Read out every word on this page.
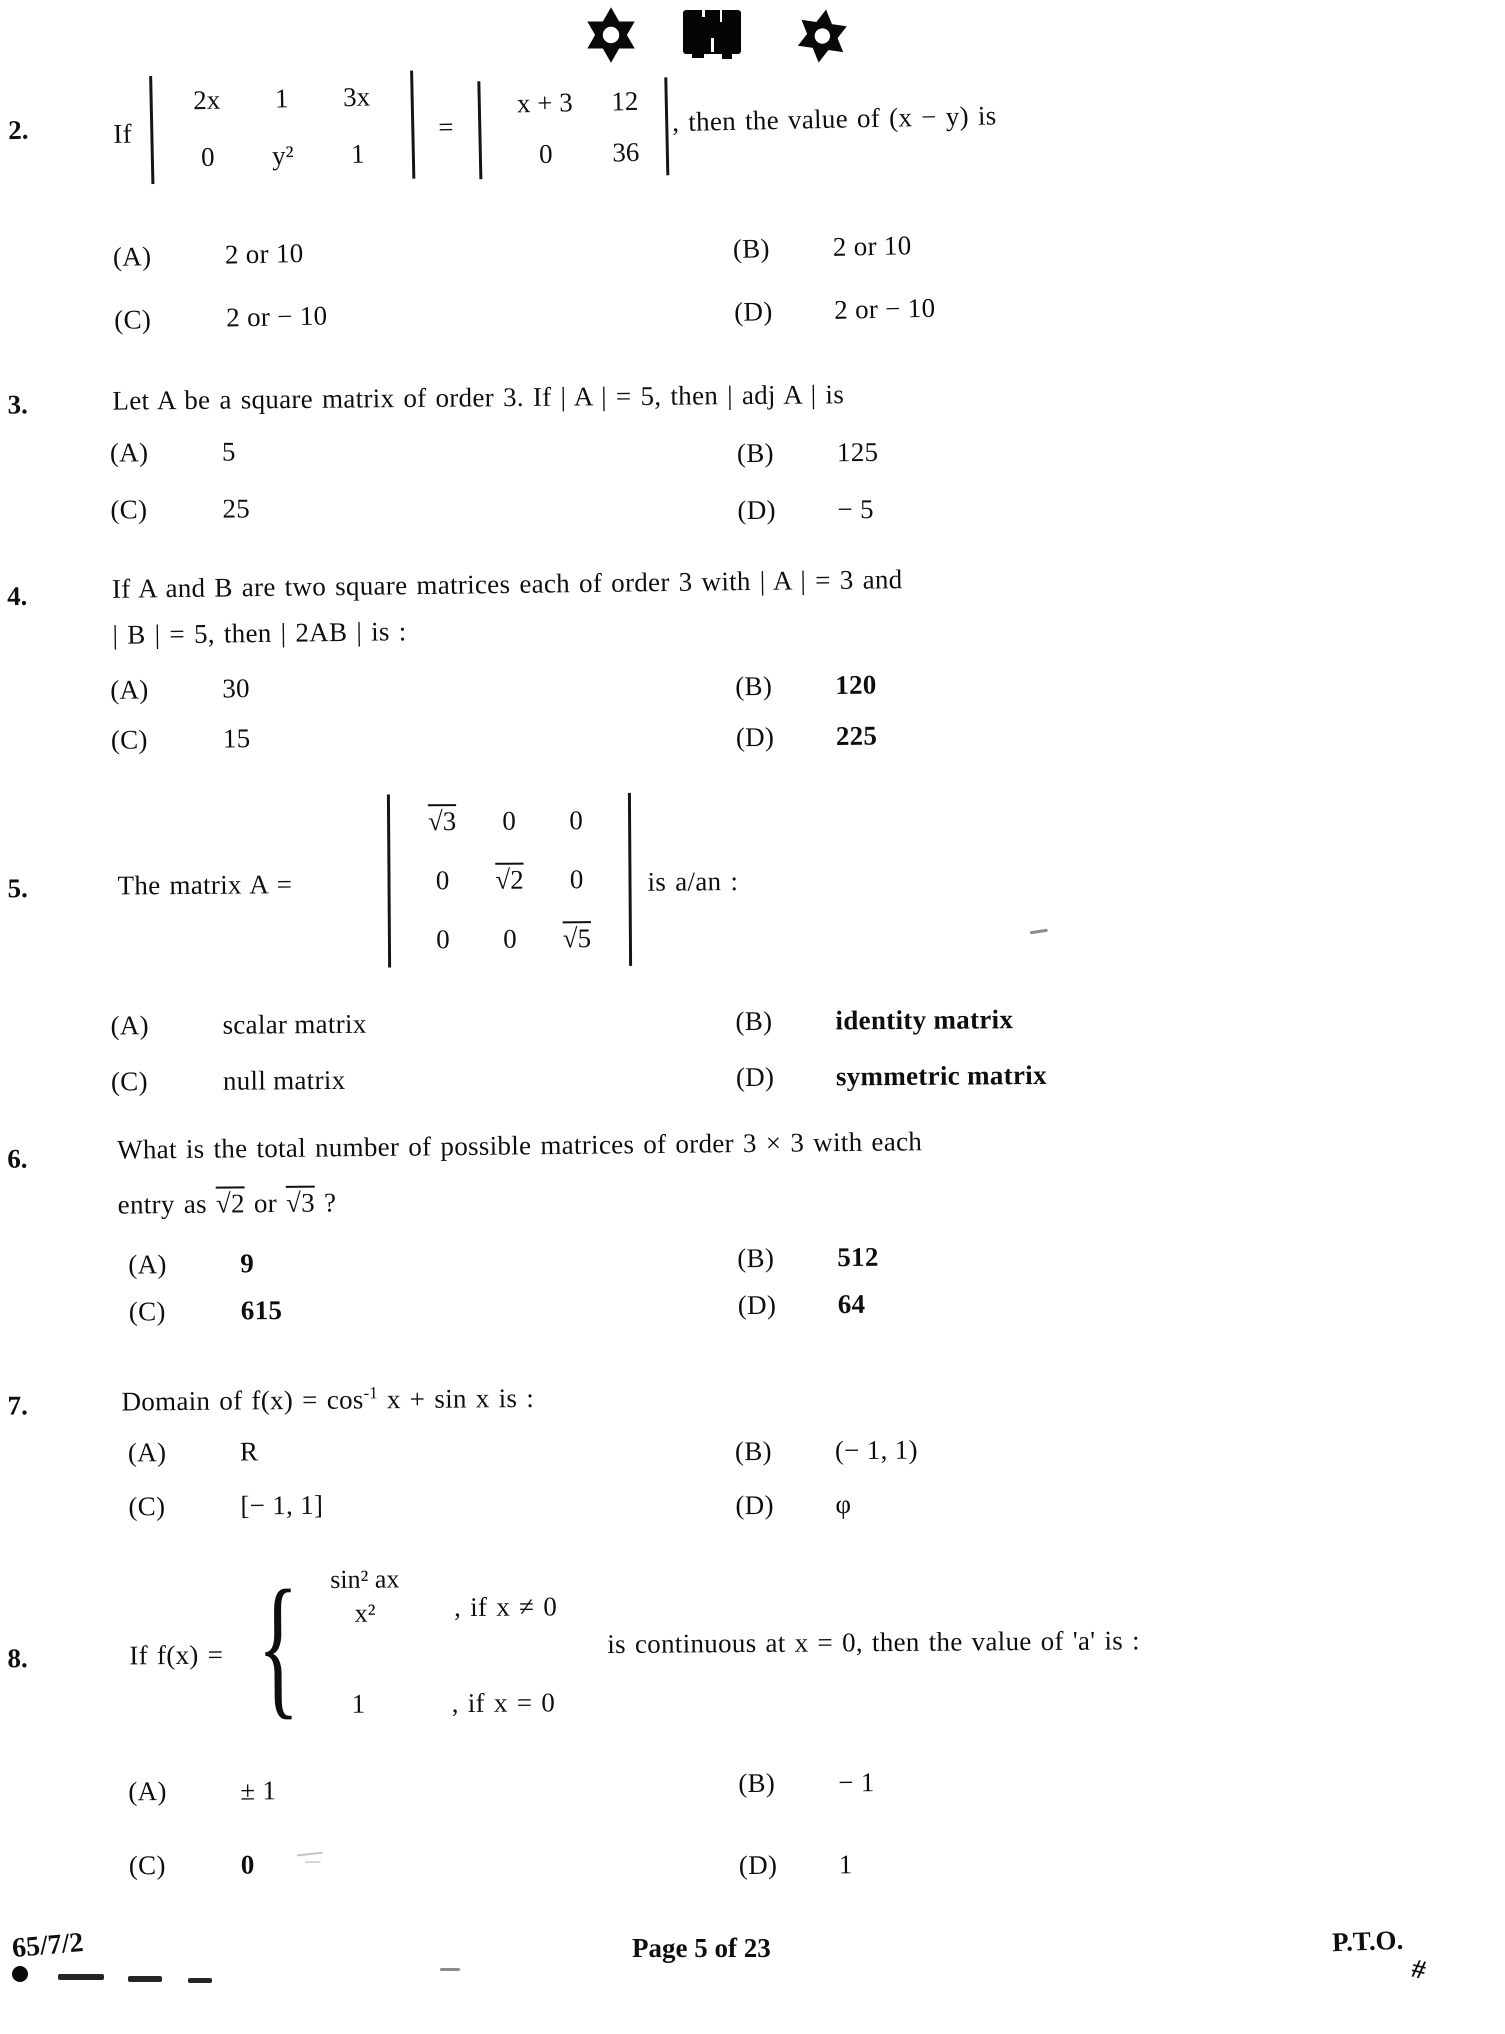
2.	If
2x 1 3x
0 y² 1
=
x + 3 12
0 36
, then the value of (x − y) is
(A)	2 or 10	(B)	2 or 10
(C)	2 or − 10	(D)	2 or − 10
3.	Let A be a square matrix of order 3. If | A | = 5, then | adj A | is
(A)	5	(B)	125
(C)	25	(D)	− 5
4.	If A and B are two square matrices each of order 3 with | A | = 3 and
| B | = 5, then | 2AB | is :
(A)	30	(B)	120
(C)	15	(D)	225
5.	The matrix A =
√3 0 0
0 √2 0
0 0 √5
is a/an :
(A)	scalar matrix	(B)	identity matrix
(C)	null matrix	(D)	symmetric matrix
6.	What is the total number of possible matrices of order 3 × 3 with each
entry as √2 or √3 ?
(A)	9	(B)	512
(C)	615	(D)	64
7.	Domain of $f(x) = \cos^{-1} x + \sin x$ is :
(A)	R	(B)	(− 1, 1)
(C)	[− 1, 1]	(D)	φ
8.	If f(x) = {	sin² ax
x²	, if x ≠ 0
1	, if x = 0
is continuous at x = 0, then the value of 'a' is :
(A)	± 1	(B)	− 1
(C)	0	(D)	1
65/7/2	Page 5 of 23	P.T.O.
#
